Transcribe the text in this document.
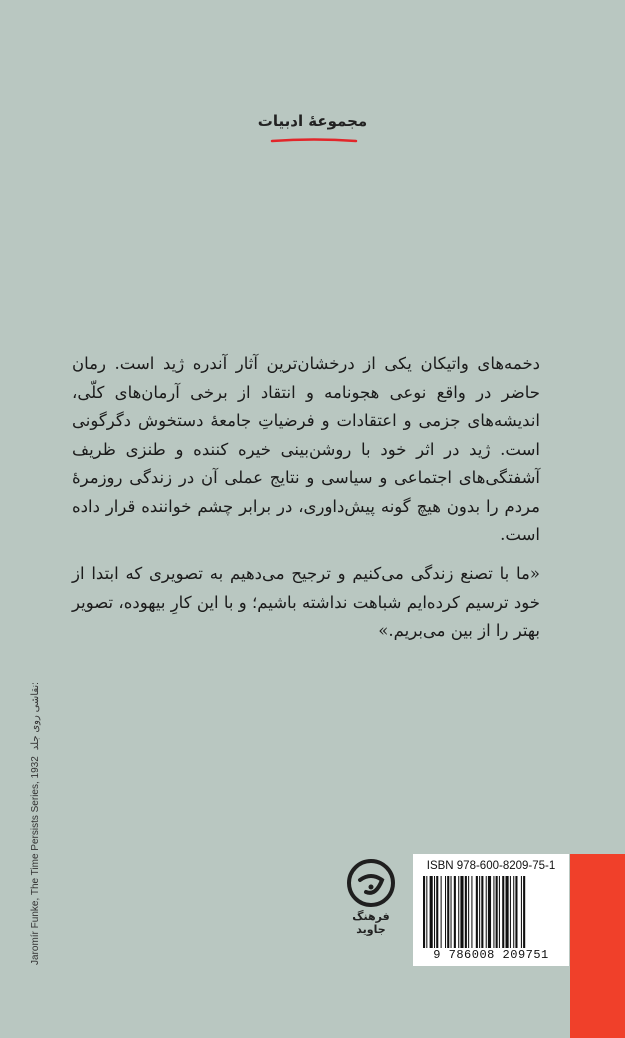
مجموعهٔ ادبیات

دخمه‌های واتیکان یکی از درخشان‌ترین آثار آندره ژید است. رمان حاضر در واقع نوعی هجونامه و انتقاد از برخی آرمان‌های کلّی، اندیشه‌های جزمی و اعتقادات و فرضیاتِ جامعهٔ دستخوش دگرگونی است. ژید در اثر خود با روشن‌بینی خیره کننده و طنزی ظریف آشفتگی‌های اجتماعی و سیاسی و نتایج عملی آن در زندگی روزمرهٔ مردم را بدون هیچ گونه پیش‌داوری، در برابر چشم خواننده قرار داده است.

«ما با تصنع زندگی می‌کنیم و ترجیح می‌دهیم به تصویری که ابتدا از خود ترسیم کرده‌ایم شباهت نداشته باشیم؛ و با این کارِ بیهوده، تصویر بهتر را از بین می‌بریم.»

Jaromír Funke, The Time Persists Series, 1932نقاشی روی جلد:
فرهنگ جاوید
ISBN 978-600-8209-75-1
9 786008 209751
